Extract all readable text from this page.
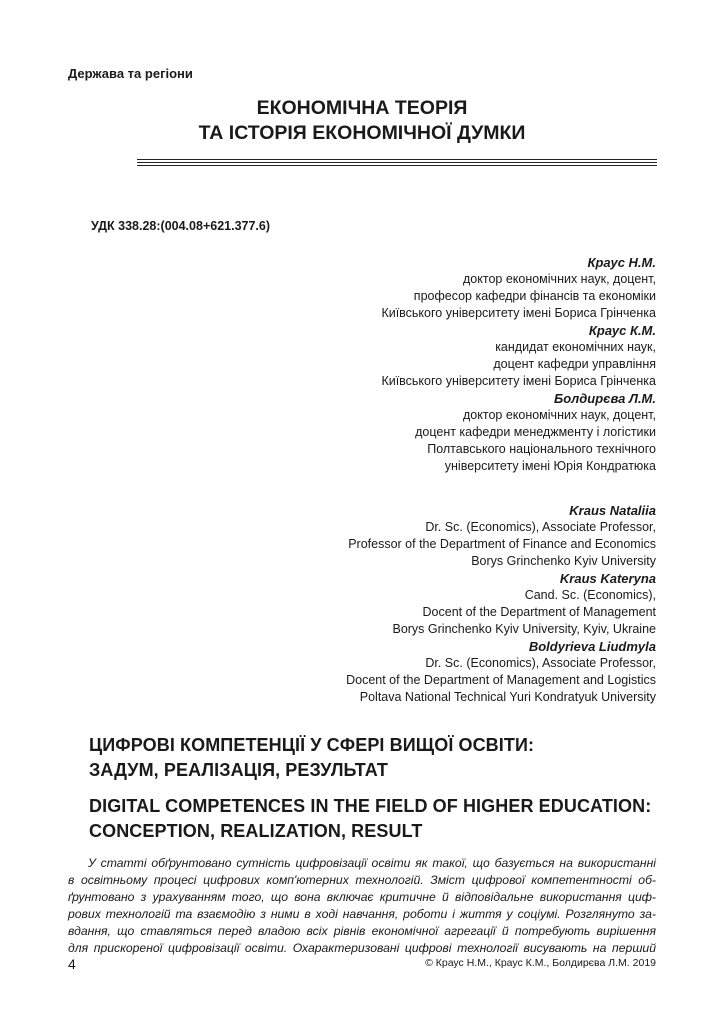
Держава та регіони
ЕКОНОМІЧНА ТЕОРІЯ
ТА ІСТОРІЯ ЕКОНОМІЧНОЇ ДУМКИ
УДК 338.28:(004.08+621.377.6)
Краус Н.М.
доктор економічних наук, доцент,
професор кафедри фінансів та економіки
Київського університету імені Бориса Грінченка
Краус К.М.
кандидат економічних наук,
доцент кафедри управління
Київського університету імені Бориса Грінченка
Болдирєва Л.М.
доктор економічних наук, доцент,
доцент кафедри менеджменту і логістики
Полтавського національного технічного
університету імені Юрія Кондратюка
Kraus Nataliia
Dr. Sc. (Economics), Associate Professor,
Professor of the Department of Finance and Economics
Borys Grinchenko Kyiv University
Kraus Kateryna
Cand. Sc. (Economics),
Docent of the Department of Management
Borys Grinchenko Kyiv University, Kyiv, Ukraine
Boldyrieva Liudmyla
Dr. Sc. (Economics), Associate Professor,
Docent of the Department of Management and Logistics
Poltava National Technical Yuri Kondratyuk University
ЦИФРОВІ КОМПЕТЕНЦІЇ У СФЕРІ ВИЩОЇ ОСВІТИ:
ЗАДУМ, РЕАЛІЗАЦІЯ, РЕЗУЛЬТАТ
DIGITAL COMPETENCES IN THE FIELD OF HIGHER EDUCATION:
CONCEPTION, REALIZATION, RESULT
У статті обґрунтовано сутність цифровізації освіти як такої, що базується на використанні
в освітньому процесі цифрових комп'ютерних технологій. Зміст цифрової компетентності об-
ґрунтовано з урахуванням того, що вона включає критичне й відповідальне використання циф-
рових технологій та взаємодію з ними в ході навчання, роботи і життя у соціумі. Розглянуто за-
вдання, що ставляться перед владою всіх рівнів економічної агрегації й потребують вирішення
для прискореної цифровізації освіти. Охарактеризовані цифрові технології висувають на перший
4	© Краус Н.М., Краус К.М., Болдирєва Л.М. 2019
